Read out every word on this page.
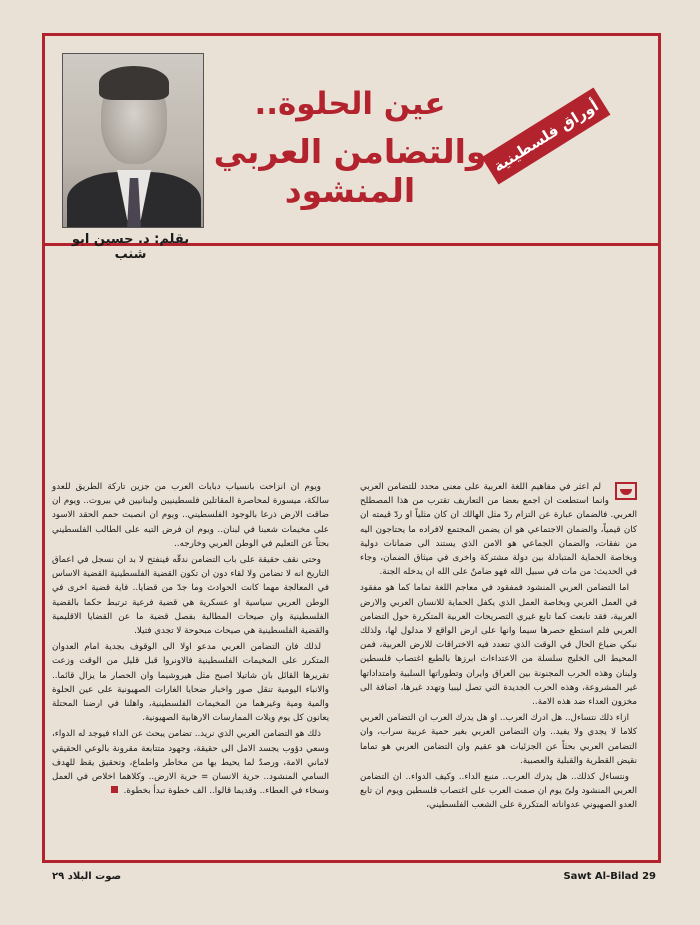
عين الحلوة..
والتضامن العربي المنشود
أوراق فلسطينية
بقلم: د. حسين ابو شنب

لم اعثر في مفاهيم اللغة العربية على معنى محدد للتضامن العربي وانما استطعت ان اجمع بعضا من التعاريف تقترب من هذا المصطلح العربي. فالضمان عبارة عن التزام ردّ مثل الهالك ان كان مثلياً او ردّ قيمته ان كان قيمياً، والضمان الاجتماعي هو ان يضمن المجتمع لافراده ما يحتاجون اليه من نفقات، والضمان الجماعي هو الامن الذي يستند الى ضمانات دولية وبخاصة الحماية المتبادلة بين دولة مشتركة واخرى في ميثاق الضمان، وجاء في الحديث: من مات في سبيل الله فهو ضامنٌ على الله ان يدخله الجنة.

اما التضامن العربي المنشود فمفقود في معاجم اللغة تماما كما هو مفقود في العمل العربي وبخاصة العمل الذي يكفل الحماية للانسان العربي والارض العربية، فقد تابعت كما تابع غيري التصريحات العربية المتكررة حول التضامن العربي فلم استطع حصرها سيما وانها على ارض الواقع لا مدلول لها، ولذلك نبكي ضياع الحال في الوقت الذي تتعدد فيه الاختراقات للارض العربية، فمن المحيط الى الخليج سلسلة من الاعتداءات ابرزها بالطبع اغتصاب فلسطين ولبنان وهذه الحرب المجنونة بين العراق وايران وتطوراتها السلبية وامتداداتها غير المشروعة، وهذه الحرب الجديدة التي تصل ليبيا وتهدد غيرها، اضافة الى مخزون العداء ضد هذه الامة..

ازاء ذلك نتساءل.. هل ادرك العرب.. او هل يدرك العرب ان التضامن العربي كلاما لا يجدي ولا يفيد.. وان التضامن العربي بغير حمية عربية سراب، وان التضامن العربي بحثاً عن الجزئيات هو عقيم وان التضامن العربي هو تماما نقيض القطرية والقبلية والعصبية.

ونتساءل كذلك.. هل يدرك العرب.. منبع الداء.. وكيف الدواء.. ان التضامن العربي المنشود ولىّ يوم ان صمت العرب على اغتصاب فلسطين ويوم ان تابع العدو الصهيوني عدواناته المتكررة على الشعب الفلسطيني،

ويوم ان انزاحت بانسياب دبابات العرب من جزين تاركة الطريق للعدو سالكة، ميسورة لمحاصرة المقاتلين فلسطينيين ولبنانيين في بيروت.. ويوم ان ضاقت الارض ذرعا بالوجود الفلسطيني.. ويوم ان انصبت حمم الحقد الاسود على مخيمات شعبنا في لبنان.. ويوم ان فرض التيه على الطالب الفلسطيني بحثاً عن التعليم في الوطن العربي وخارجه..

وحتى نقف حقيقة على باب التضامن ندقّه فينفتح لا بد ان نسجل في اعماق التاريخ انه لا تضامن ولا لقاء دون ان تكون القضية الفلسطينية القضية الاساس في المعالجة مهما كانت الحوادث وما جدّ من قضايا.. فاية قضية اخرى في الوطن العربي سياسية او عسكرية هي قضية فرعية ترتبط حكما بالقضية الفلسطينية وان صيحات المطالبة بفصل قضية ما عن القضايا الاقليمية والقضية الفلسطينية هي صيحات مبحوحة لا تجدي فتيلا.

لذلك فان التضامن العربي مدعو اولا الى الوقوف بجدية امام العدوان المتكرر على المخيمات الفلسطينية فالاونروا قبل قليل من الوقت وزعت تقريرها القائل بان شاتيلا اصبح مثل هيروشيما وان الحصار ما يزال قائما.. والانباء اليومية تنقل صور واخبار ضحايا الغارات الصهيونية على عين الحلوة والمية ومية وغيرهما من المخيمات الفلسطينية، واهلنا في ارضنا المحتلة يعانون كل يوم ويلات الممارسات الارهابية الصهيونية.

ذلك هو التضامن العربي الذي نريد.. تضامن يبحث عن الداء فيوجد له الدواء، وسعي دؤوب يجسد الامل الى حقيقة، وجهود متتابعة مقرونة بالوعي الحقيقي لاماني الامة، ورصدٌ لما يحيط بها من مخاطر واطماع، وتحقيق يقظ للهدف السامي المنشود.. حرية الانسان = حرية الارض.. وكلاهما اخلاص في العمل وسخاء في العطاء.. وقديما قالوا.. الف خطوة تبدأ بخطوة.

صوت البلاد ٢٩	Sawt Al-Bilad 29
